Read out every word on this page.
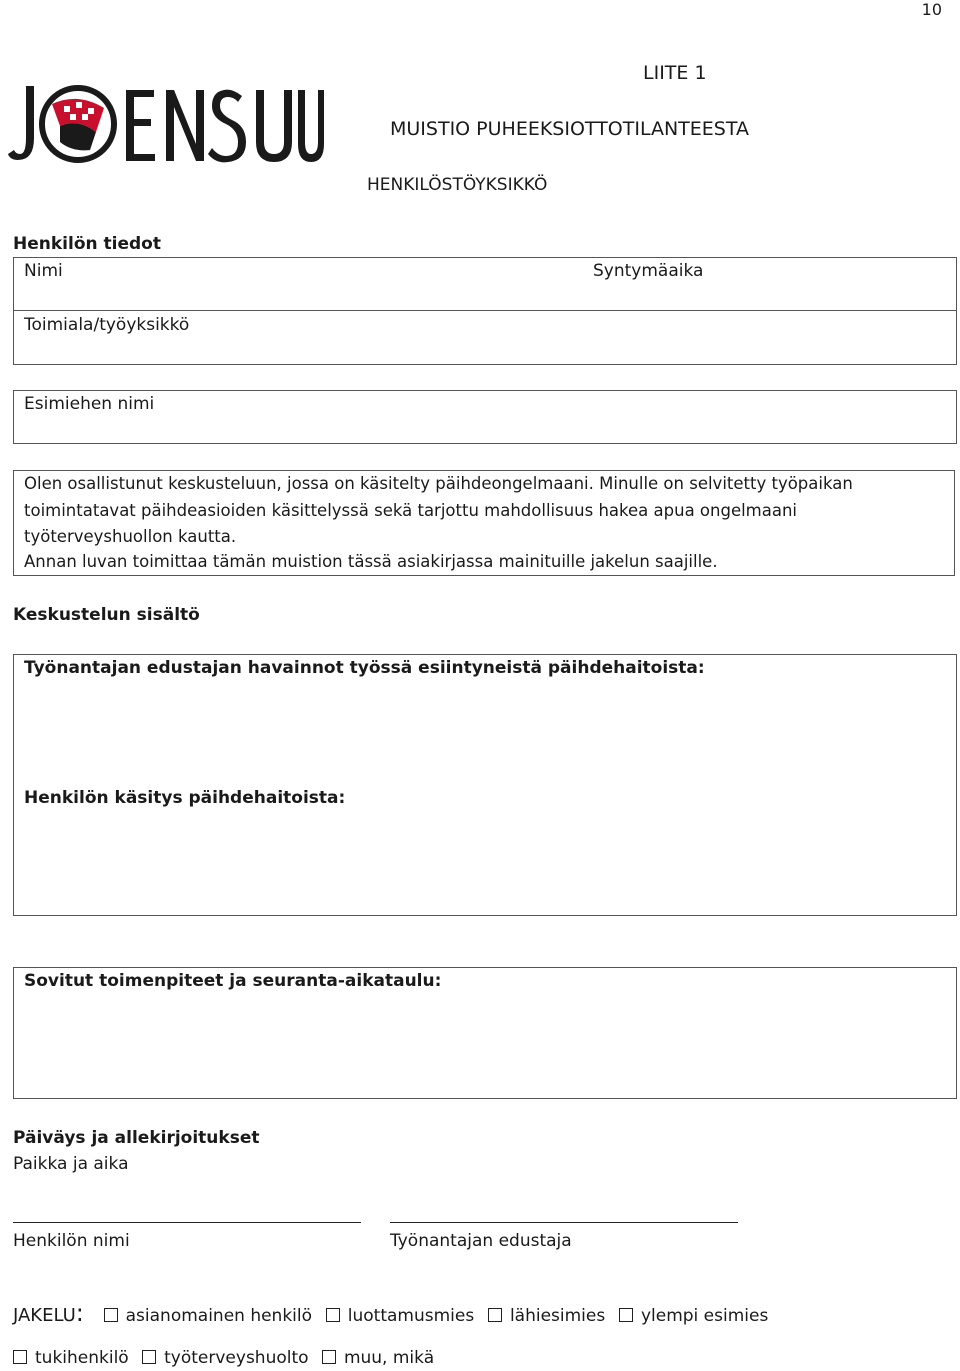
10
LIITE 1
MUISTIO PUHEEKSIOTTOTILANTEESTA
HENKILÖSTÖYKSIKKÖ
Henkilön tiedot
Nimi	Syntymäaika
Toimiala/työyksikkö
Esimiehen nimi
Olen osallistunut keskusteluun, jossa on käsitelty päihdeongelmaani. Minulle on selvitetty työpaikan
toimintatavat päihdeasioiden käsittelyssä sekä tarjottu mahdollisuus hakea apua ongelmaani
työterveyshuollon kautta.
Annan luvan toimittaa tämän muistion tässä asiakirjassa mainituille jakelun saajille.
Keskustelun sisältö
Työnantajan edustajan havainnot työssä esiintyneistä päihdehaitoista:
Henkilön käsitys päihdehaitoista:
Sovitut toimenpiteet ja seuranta-aikataulu:
Päiväys ja allekirjoitukset
Paikka ja aika
Henkilön nimi	Työnantajan edustaja
JAKELU: asianomainen henkilö luottamusmies lähiesimies ylempi esimies
tukihenkilö työterveyshuolto muu, mikä
